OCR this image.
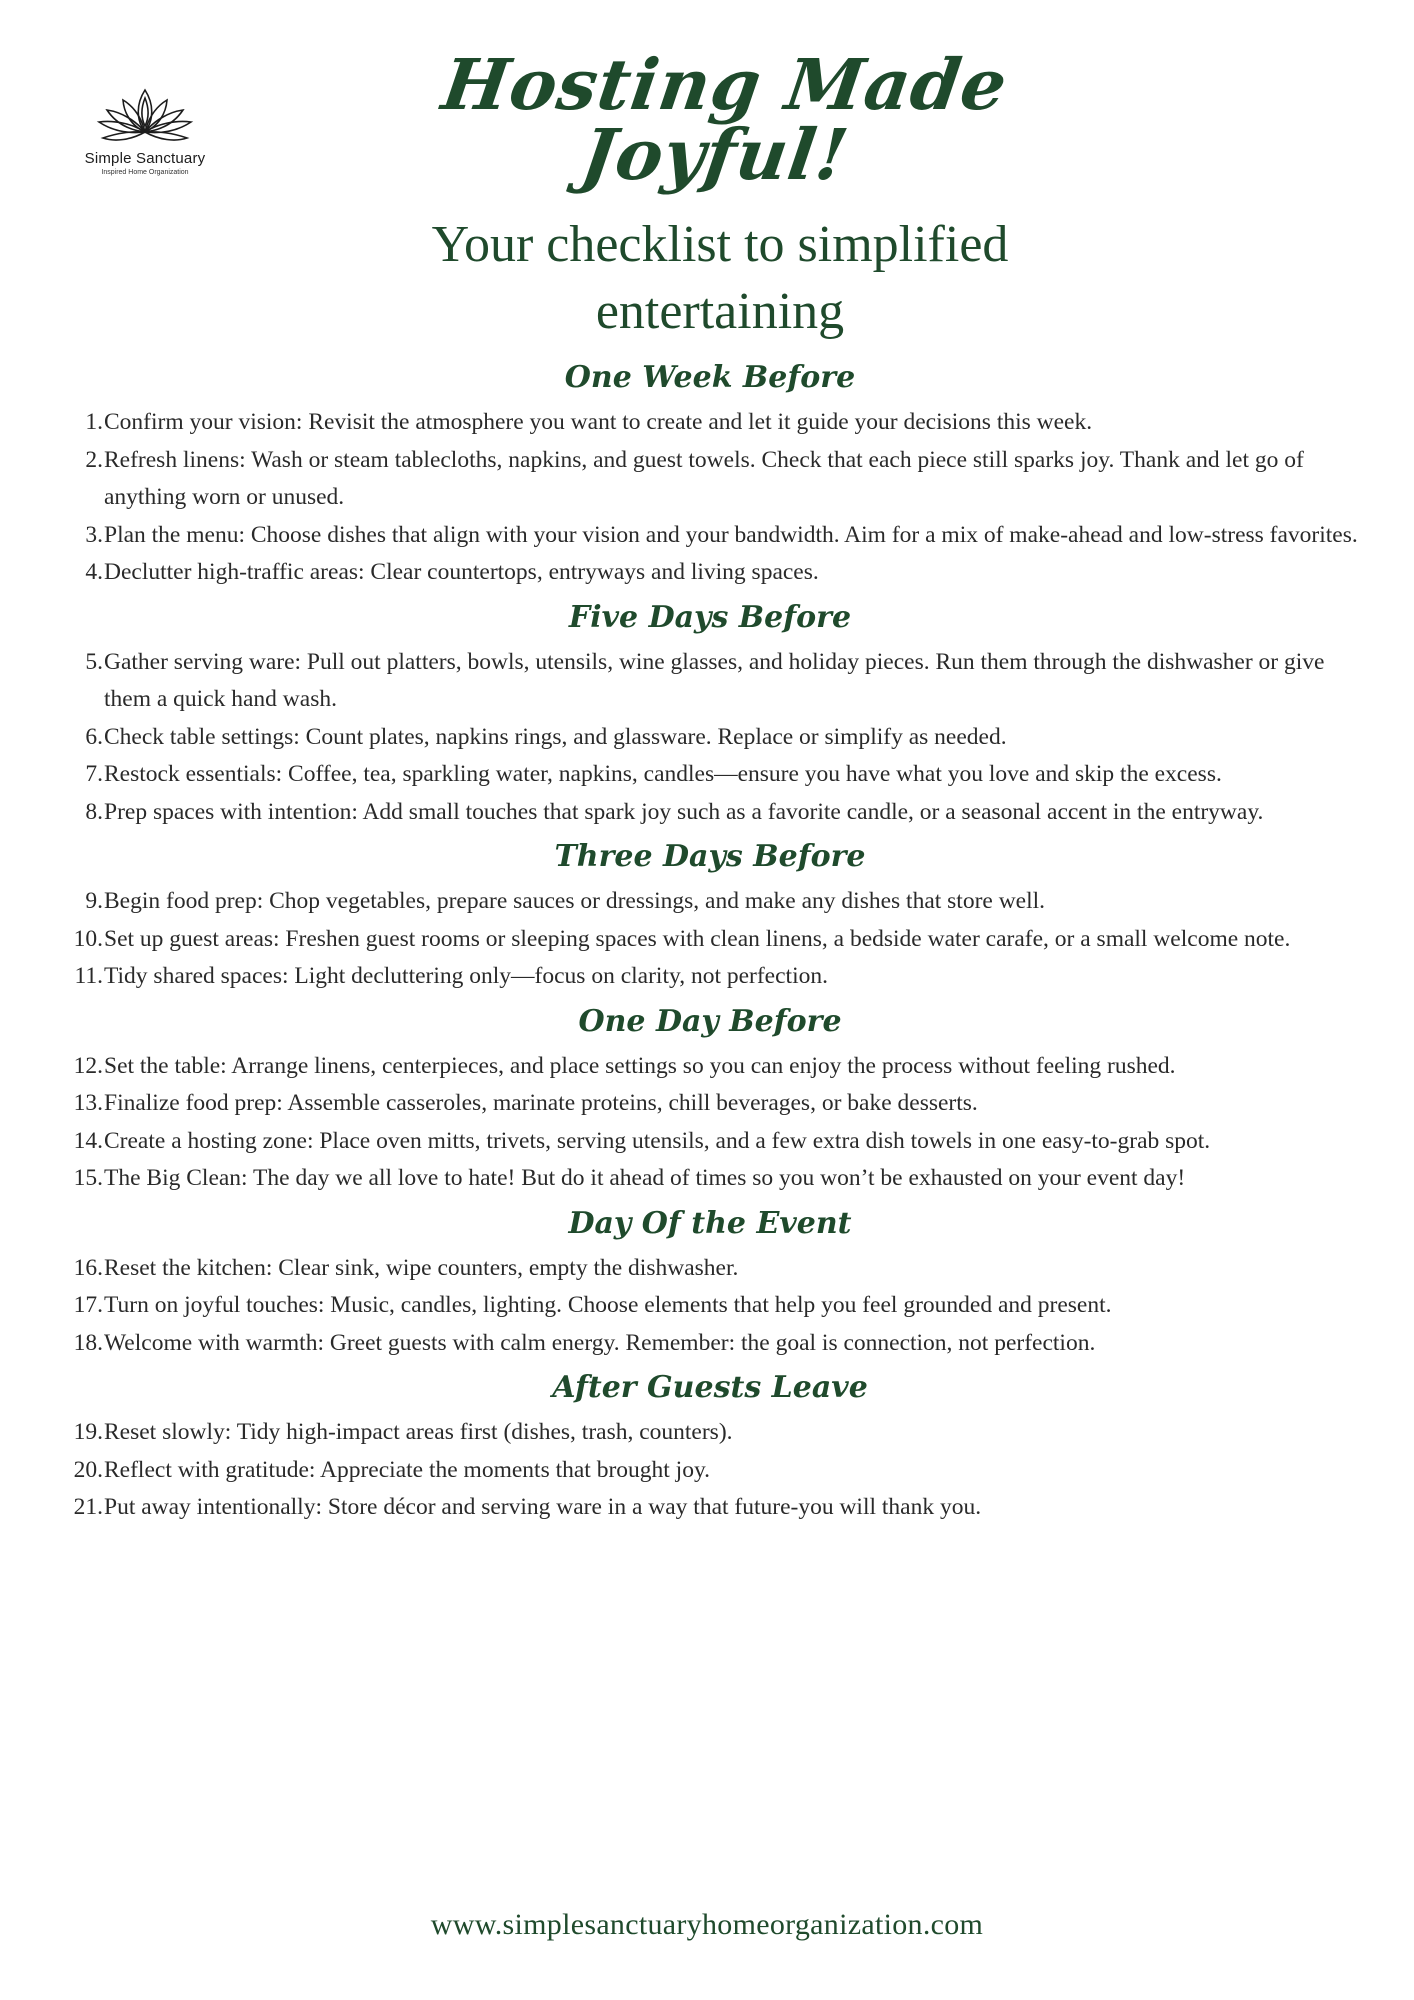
Simple Sanctuary
Inspired Home Organization
Hosting Made Joyful!
Your checklist to simplified entertaining
One Week Before
1. Confirm your vision: Revisit the atmosphere you want to create and let it guide your decisions this week.
2. Refresh linens: Wash or steam tablecloths, napkins, and guest towels. Check that each piece still sparks joy. Thank and let go of anything worn or unused.
3. Plan the menu: Choose dishes that align with your vision and your bandwidth. Aim for a mix of make-ahead and low-stress favorites.
4. Declutter high-traffic areas: Clear countertops, entryways and living spaces.
Five Days Before
5. Gather serving ware: Pull out platters, bowls, utensils, wine glasses, and holiday pieces. Run them through the dishwasher or give them a quick hand wash.
6. Check table settings: Count plates, napkins rings, and glassware. Replace or simplify as needed.
7. Restock essentials: Coffee, tea, sparkling water, napkins, candles—ensure you have what you love and skip the excess.
8. Prep spaces with intention: Add small touches that spark joy such as a favorite candle, or a seasonal accent in the entryway.
Three Days Before
9. Begin food prep: Chop vegetables, prepare sauces or dressings, and make any dishes that store well.
10. Set up guest areas: Freshen guest rooms or sleeping spaces with clean linens, a bedside water carafe, or a small welcome note.
11. Tidy shared spaces: Light decluttering only—focus on clarity, not perfection.
One Day Before
12. Set the table: Arrange linens, centerpieces, and place settings so you can enjoy the process without feeling rushed.
13. Finalize food prep: Assemble casseroles, marinate proteins, chill beverages, or bake desserts.
14. Create a hosting zone: Place oven mitts, trivets, serving utensils, and a few extra dish towels in one easy-to-grab spot.
15. The Big Clean: The day we all love to hate! But do it ahead of times so you won’t be exhausted on your event day!
Day Of the Event
16. Reset the kitchen: Clear sink, wipe counters, empty the dishwasher.
17. Turn on joyful touches: Music, candles, lighting. Choose elements that help you feel grounded and present.
18. Welcome with warmth: Greet guests with calm energy. Remember: the goal is connection, not perfection.
After Guests Leave
19. Reset slowly: Tidy high-impact areas first (dishes, trash, counters).
20. Reflect with gratitude: Appreciate the moments that brought joy.
21. Put away intentionally: Store décor and serving ware in a way that future-you will thank you.
www.simplesanctuaryhomeorganization.com
